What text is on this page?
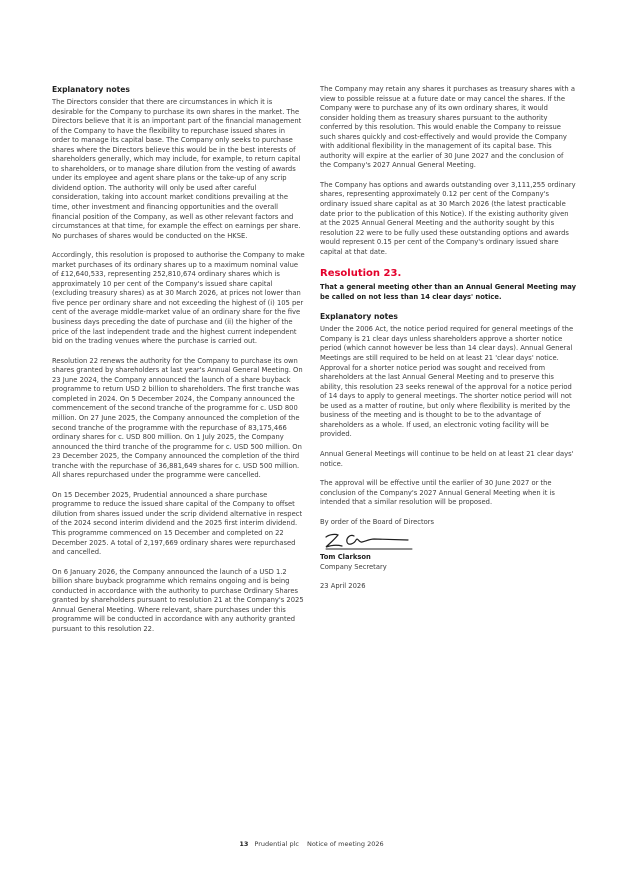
Explanatory notes

The Directors consider that there are circumstances in which it is desirable for the Company to purchase its own shares in the market. The Directors believe that it is an important part of the financial management of the Company to have the flexibility to repurchase issued shares in order to manage its capital base. The Company only seeks to purchase shares where the Directors believe this would be in the best interests of shareholders generally, which may include, for example, to return capital to shareholders, or to manage share dilution from the vesting of awards under its employee and agent share plans or the take-up of any scrip dividend option. The authority will only be used after careful consideration, taking into account market conditions prevailing at the time, other investment and financing opportunities and the overall financial position of the Company, as well as other relevant factors and circumstances at that time, for example the effect on earnings per share. No purchases of shares would be conducted on the HKSE.

Accordingly, this resolution is proposed to authorise the Company to make market purchases of its ordinary shares up to a maximum nominal value of £12,640,533, representing 252,810,674 ordinary shares which is approximately 10 per cent of the Company's issued share capital (excluding treasury shares) as at 30 March 2026, at prices not lower than five pence per ordinary share and not exceeding the highest of (i) 105 per cent of the average middle-market value of an ordinary share for the five business days preceding the date of purchase and (ii) the higher of the price of the last independent trade and the highest current independent bid on the trading venues where the purchase is carried out.

Resolution 22 renews the authority for the Company to purchase its own shares granted by shareholders at last year's Annual General Meeting. On 23 June 2024, the Company announced the launch of a share buyback programme to return USD 2 billion to shareholders. The first tranche was completed in 2024. On 5 December 2024, the Company announced the commencement of the second tranche of the programme for c. USD 800 million. On 27 June 2025, the Company announced the completion of the second tranche of the programme with the repurchase of 83,175,466 ordinary shares for c. USD 800 million. On 1 July 2025, the Company announced the third tranche of the programme for c. USD 500 million. On 23 December 2025, the Company announced the completion of the third tranche with the repurchase of 36,881,649 shares for c. USD 500 million. All shares repurchased under the programme were cancelled.

On 15 December 2025, Prudential announced a share purchase programme to reduce the issued share capital of the Company to offset dilution from shares issued under the scrip dividend alternative in respect of the 2024 second interim dividend and the 2025 first interim dividend. This programme commenced on 15 December and completed on 22 December 2025. A total of 2,197,669 ordinary shares were repurchased and cancelled.

On 6 January 2026, the Company announced the launch of a USD 1.2 billion share buyback programme which remains ongoing and is being conducted in accordance with the authority to purchase Ordinary Shares granted by shareholders pursuant to resolution 21 at the Company's 2025 Annual General Meeting. Where relevant, share purchases under this programme will be conducted in accordance with any authority granted pursuant to this resolution 22.

The Company may retain any shares it purchases as treasury shares with a view to possible reissue at a future date or may cancel the shares. If the Company were to purchase any of its own ordinary shares, it would consider holding them as treasury shares pursuant to the authority conferred by this resolution. This would enable the Company to reissue such shares quickly and cost-effectively and would provide the Company with additional flexibility in the management of its capital base. This authority will expire at the earlier of 30 June 2027 and the conclusion of the Company's 2027 Annual General Meeting.

The Company has options and awards outstanding over 3,111,255 ordinary shares, representing approximately 0.12 per cent of the Company's ordinary issued share capital as at 30 March 2026 (the latest practicable date prior to the publication of this Notice). If the existing authority given at the 2025 Annual General Meeting and the authority sought by this resolution 22 were to be fully used these outstanding options and awards would represent 0.15 per cent of the Company's ordinary issued share capital at that date.

Resolution 23.

That a general meeting other than an Annual General Meeting may be called on not less than 14 clear days' notice.

Explanatory notes

Under the 2006 Act, the notice period required for general meetings of the Company is 21 clear days unless shareholders approve a shorter notice period (which cannot however be less than 14 clear days). Annual General Meetings are still required to be held on at least 21 'clear days' notice. Approval for a shorter notice period was sought and received from shareholders at the last Annual General Meeting and to preserve this ability, this resolution 23 seeks renewal of the approval for a notice period of 14 days to apply to general meetings. The shorter notice period will not be used as a matter of routine, but only where flexibility is merited by the business of the meeting and is thought to be to the advantage of shareholders as a whole. If used, an electronic voting facility will be provided.

Annual General Meetings will continue to be held on at least 21 clear days' notice.

The approval will be effective until the earlier of 30 June 2027 or the conclusion of the Company's 2027 Annual General Meeting when it is intended that a similar resolution will be proposed.

By order of the Board of Directors

Tom Clarkson

Company Secretary

23 April 2026

13 Prudential plc Notice of meeting 2026
